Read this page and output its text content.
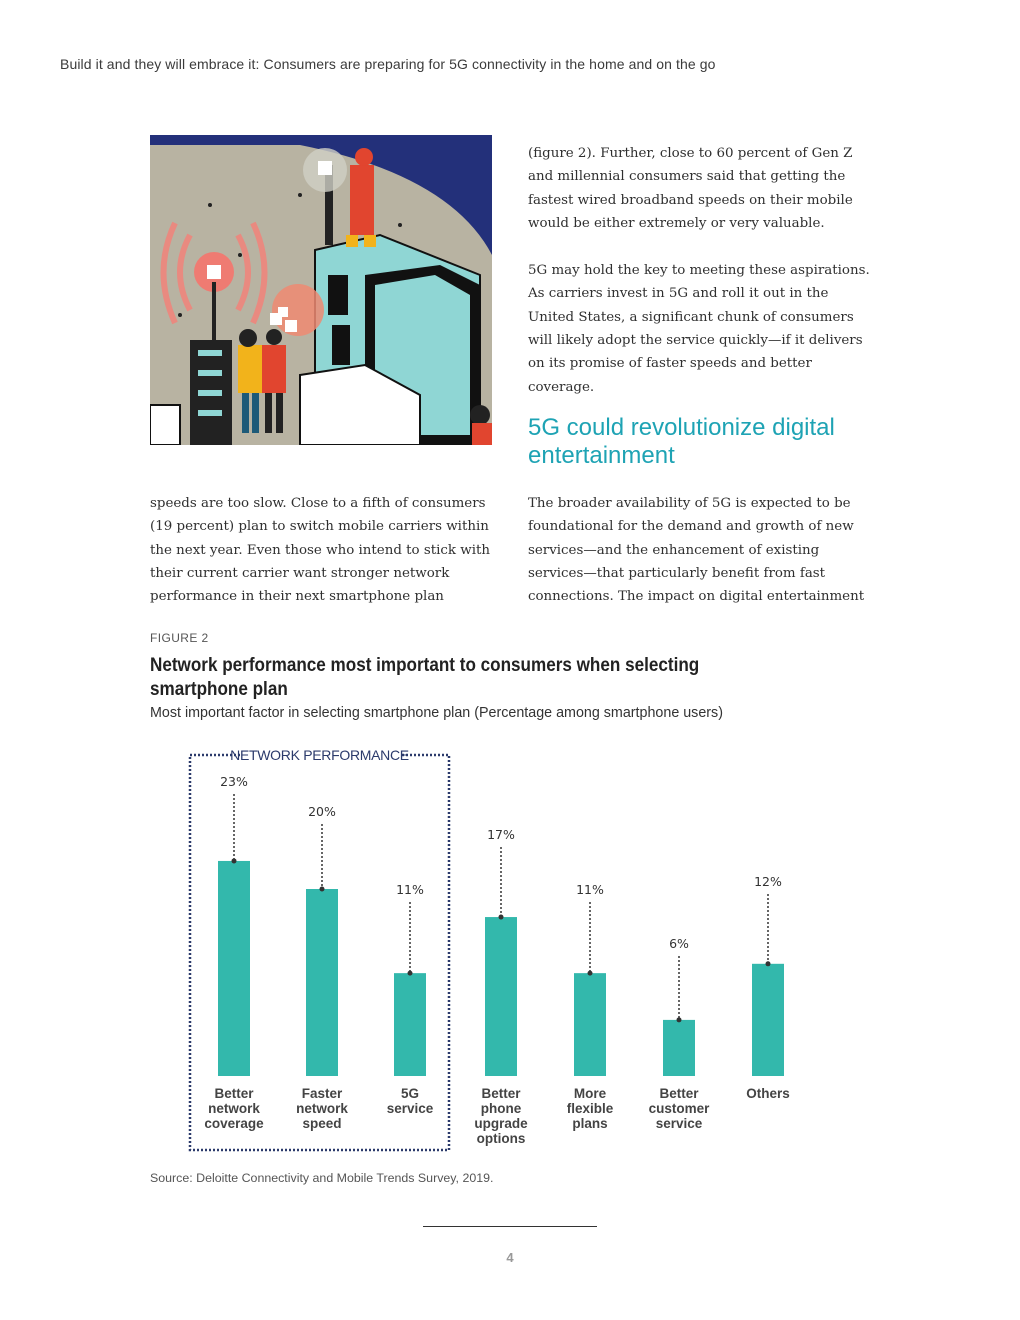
Build it and they will embrace it: Consumers are preparing for 5G connectivity in the home and on the go

(figure 2). Further, close to 60 percent of Gen Z and millennial consumers said that getting the fastest wired broadband speeds on their mobile would be either extremely or very valuable.

5G may hold the key to meeting these aspirations. As carriers invest in 5G and roll it out in the United States, a significant chunk of consumers will likely adopt the service quickly—if it delivers on its promise of faster speeds and better coverage.

5G could revolutionize digital entertainment

speeds are too slow. Close to a fifth of consumers (19 percent) plan to switch mobile carriers within the next year. Even those who intend to stick with their current carrier want stronger network performance in their next smartphone plan

The broader availability of 5G is expected to be foundational for the demand and growth of new services—and the enhancement of existing services—that particularly benefit from fast connections. The impact on digital entertainment

FIGURE 2
Network performance most important to consumers when selecting smartphone plan
Most important factor in selecting smartphone plan (Percentage among smartphone users)
NETWORK PERFORMANCE
23%
Better network coverage
20%
Faster network speed
11%
5G service
17%
Better phone upgrade options
11%
More flexible plans
6%
Better customer service
12%
Others
Source: Deloitte Connectivity and Mobile Trends Survey, 2019.
4
